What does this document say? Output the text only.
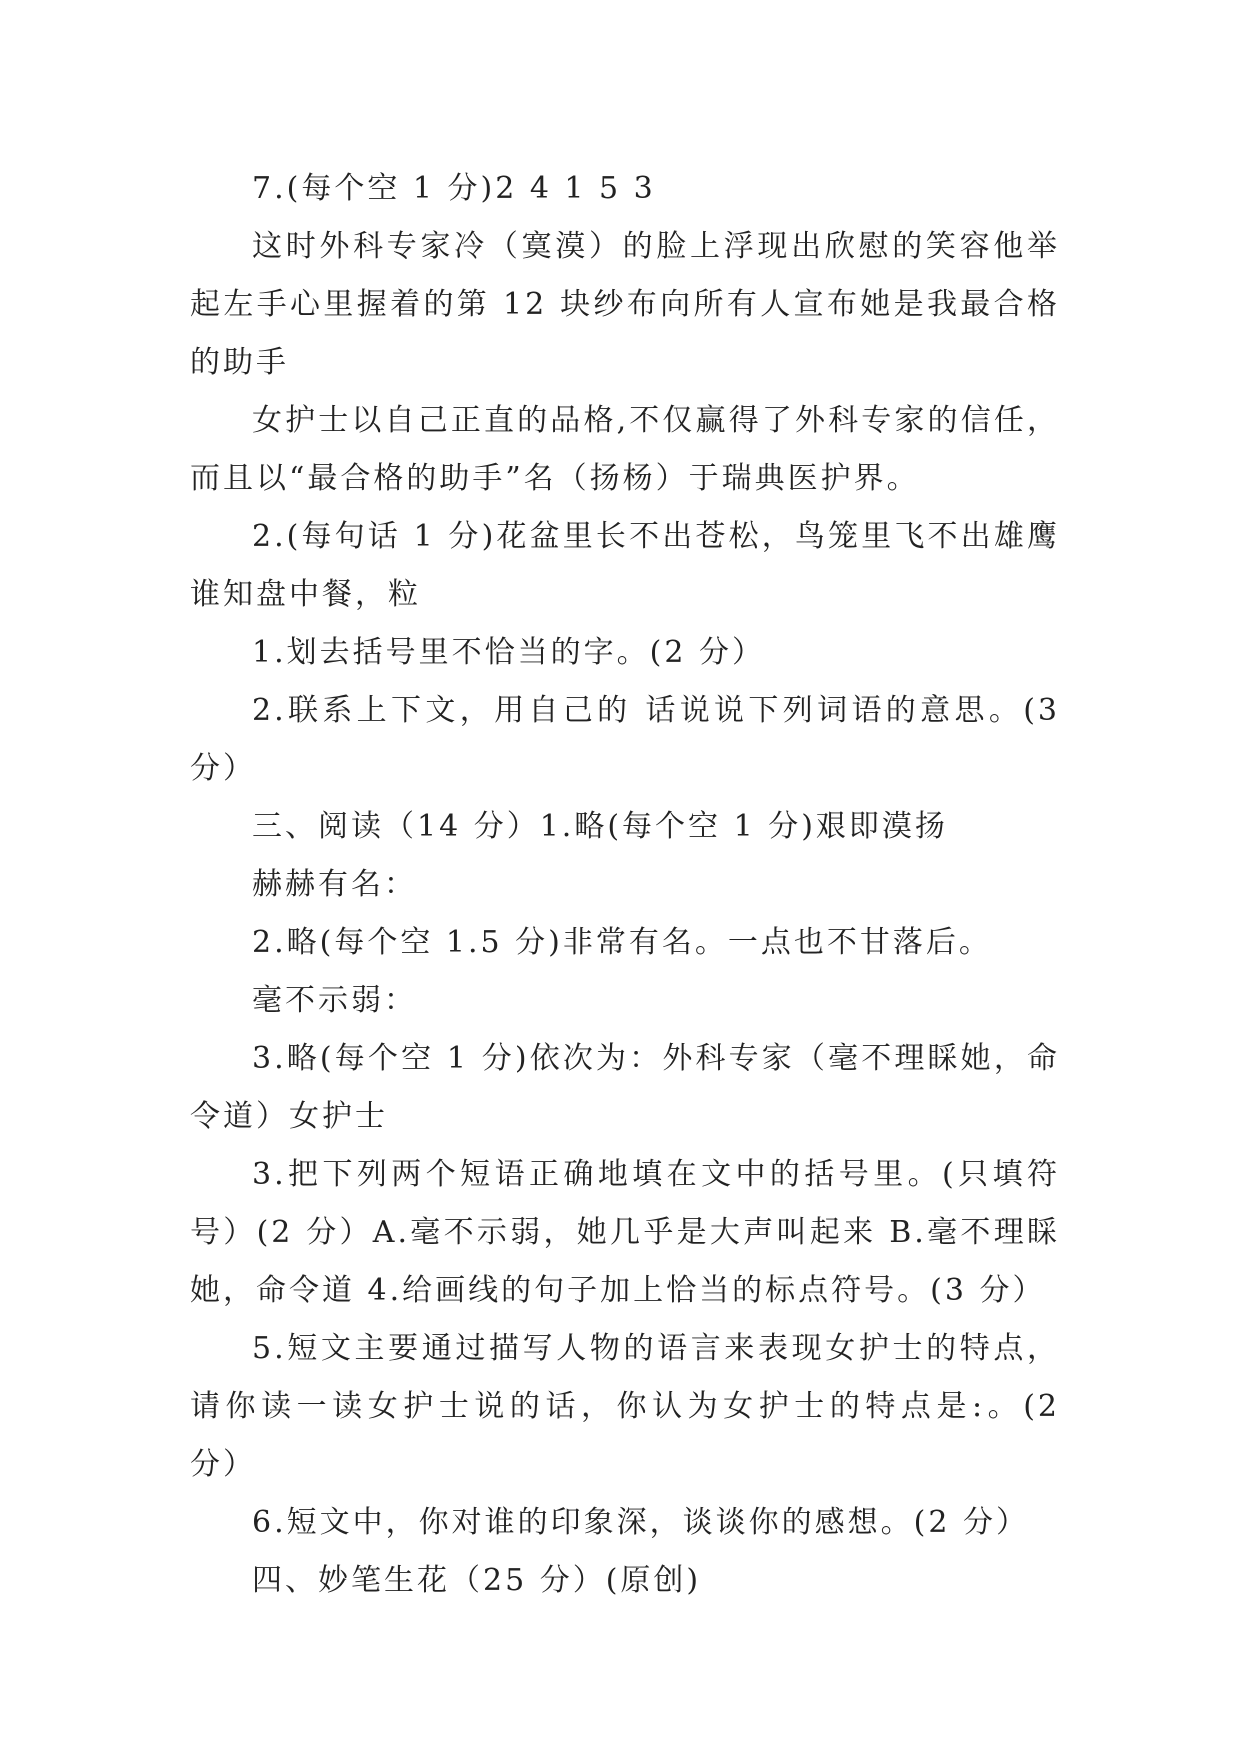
7.(每个空 1 分)2 4 1 5 3

这时外科专家冷（寞漠）的脸上浮现出欣慰的笑容他举起左手心里握着的第 12 块纱布向所有人宣布她是我最合格的助手

女护士以自己正直的品格,不仅赢得了外科专家的信任，而且以“最合格的助手”名（扬杨）于瑞典医护界。

2.(每句话 1 分)花盆里长不出苍松，鸟笼里飞不出雄鹰谁知盘中餐，粒

1.划去括号里不恰当的字。(2 分）

2.联系上下文，用自己的 话说说下列词语的意思。(3 分）

三、阅读（14 分）1.略(每个空 1 分)艰即漠扬

赫赫有名：

2.略(每个空 1.5 分)非常有名。一点也不甘落后。

毫不示弱：

3.略(每个空 1 分)依次为：外科专家（毫不理睬她，命令道）女护士

3.把下列两个短语正确地填在文中的括号里。(只填符号）(2 分）A.毫不示弱，她几乎是大声叫起来 B.毫不理睬她，命令道 4.给画线的句子加上恰当的标点符号。(3 分）

5.短文主要通过描写人物的语言来表现女护士的特点，请你读一读女护士说的话，你认为女护士的特点是:。(2 分）

6.短文中，你对谁的印象深，谈谈你的感想。(2 分）

四、妙笔生花（25 分）(原创)
